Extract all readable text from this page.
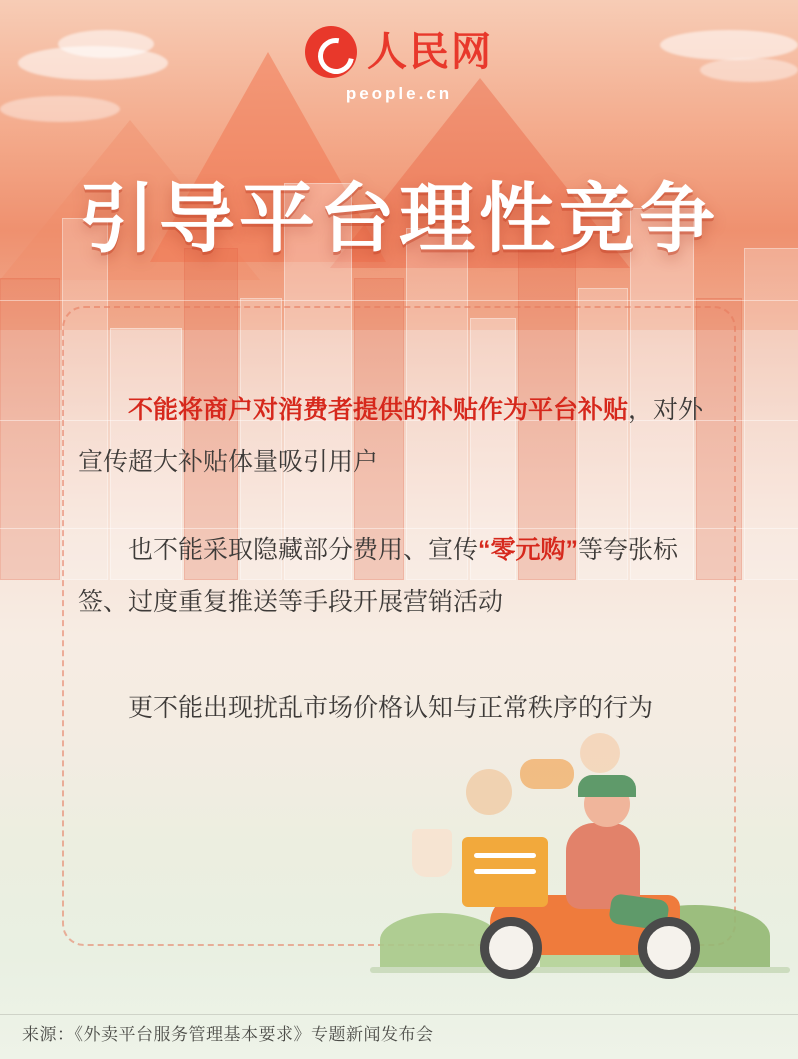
人民网
people.cn
引导平台理性竞争

不能将商户对消费者提供的补贴作为平台补贴，对外宣传超大补贴体量吸引用户

也不能采取隐藏部分费用、宣传“零元购”等夸张标签、过度重复推送等手段开展营销活动

更不能出现扰乱市场价格认知与正常秩序的行为

来源：《外卖平台服务管理基本要求》专题新闻发布会
